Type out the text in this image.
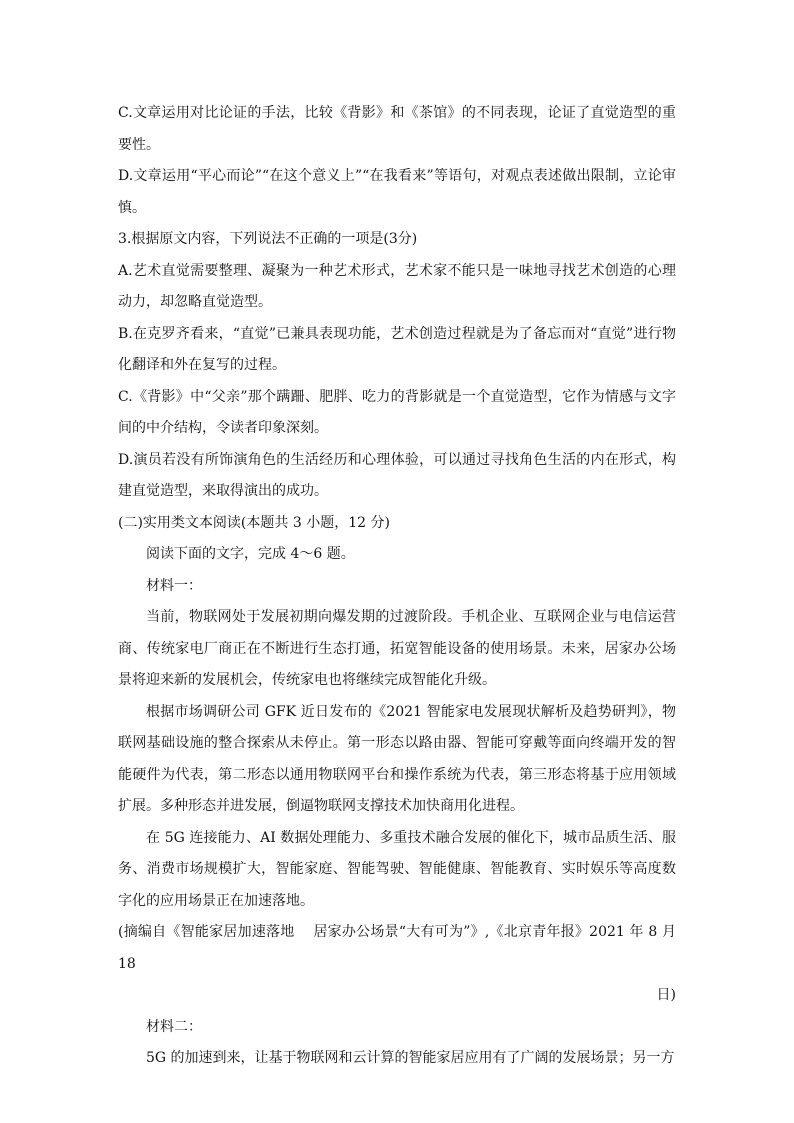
C.文章运用对比论证的手法，比较《背影》和《茶馆》的不同表现，论证了直觉造型的重要性。

D.文章运用“平心而论”“在这个意义上”“在我看来”等语句，对观点表述做出限制，立论审慎。

3.根据原文内容，下列说法不正确的一项是(3分)

A.艺术直觉需要整理、凝聚为一种艺术形式，艺术家不能只是一味地寻找艺术创造的心理动力，却忽略直觉造型。

B.在克罗齐看来，“直觉”已兼具表现功能，艺术创造过程就是为了备忘而对“直觉”进行物化翻译和外在复写的过程。

C.《背影》中“父亲”那个蹒跚、肥胖、吃力的背影就是一个直觉造型，它作为情感与文字间的中介结构，令读者印象深刻。

D.演员若没有所饰演角色的生活经历和心理体验，可以通过寻找角色生活的内在形式，构建直觉造型，来取得演出的成功。

(二)实用类文本阅读(本题共 3 小题，12 分)

阅读下面的文字，完成 4～6 题。

材料一：

当前，物联网处于发展初期向爆发期的过渡阶段。手机企业、互联网企业与电信运营商、传统家电厂商正在不断进行生态打通，拓宽智能设备的使用场景。未来，居家办公场景将迎来新的发展机会，传统家电也将继续完成智能化升级。

根据市场调研公司 GFK 近日发布的《2021 智能家电发展现状解析及趋势研判》，物联网基础设施的整合探索从未停止。第一形态以路由器、智能可穿戴等面向终端开发的智能硬件为代表，第二形态以通用物联网平台和操作系统为代表，第三形态将基于应用领域扩展。多种形态并进发展，倒逼物联网支撑技术加快商用化进程。

在 5G 连接能力、AI 数据处理能力、多重技术融合发展的催化下，城市品质生活、服务、消费市场规模扩大，智能家庭、智能驾驶、智能健康、智能教育、实时娱乐等高度数字化的应用场景正在加速落地。

(摘编自《智能家居加速落地　 居家办公场景“大有可为”》,《北京青年报》2021 年 8 月 18

日)

材料二：

5G 的加速到来，让基于物联网和云计算的智能家居应用有了广阔的发展场景；另一方
